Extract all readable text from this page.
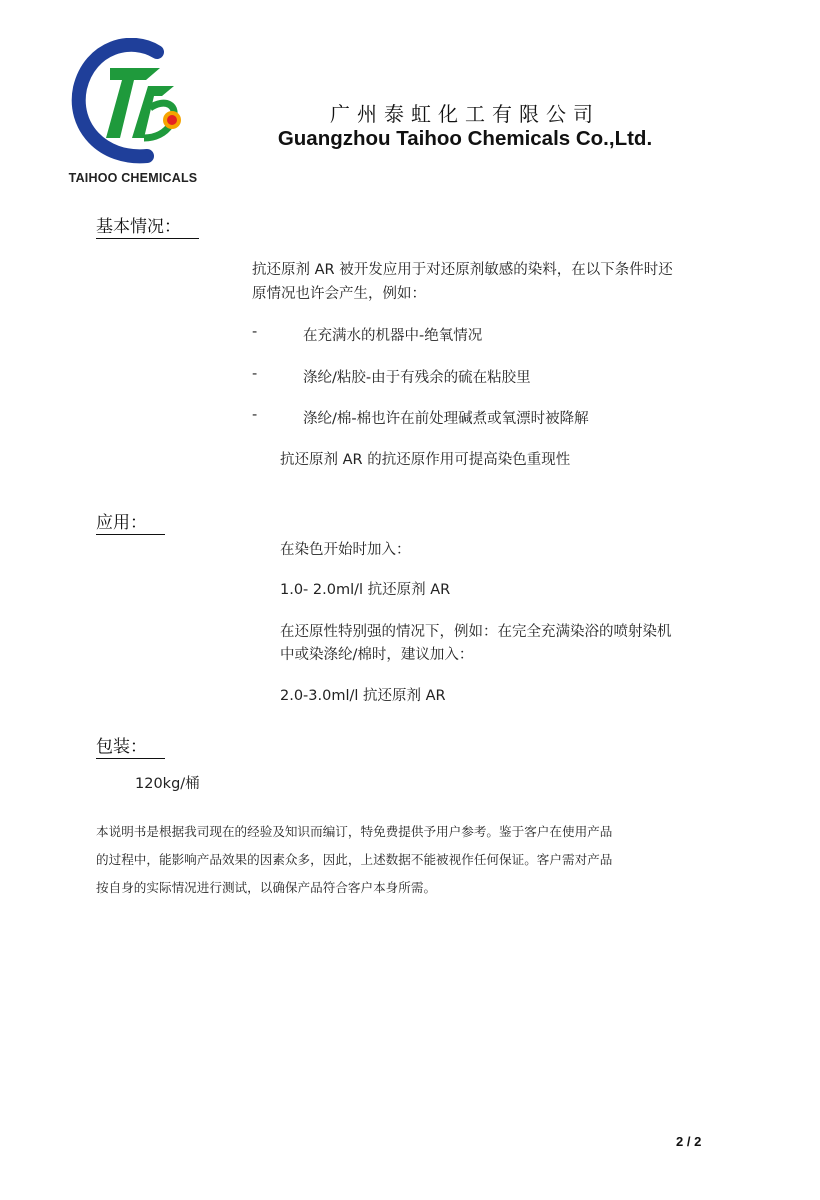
TAIHOO CHEMICALS
广州泰虹化工有限公司
Guangzhou Taihoo Chemicals Co.,Ltd.
基本情况：
抗还原剂 AR 被开发应用于对还原剂敏感的染料，在以下条件时还
原情况也许会产生，例如：
-	在充满水的机器中-绝氧情况
-	涤纶/粘胶-由于有残余的硫在粘胶里
-	涤纶/棉-棉也许在前处理碱煮或氧漂时被降解
抗还原剂 AR 的抗还原作用可提高染色重现性
应用：
在染色开始时加入：
1.0- 2.0ml/l 抗还原剂 AR
在还原性特别强的情况下，例如：在完全充满染浴的喷射染机
中或染涤纶/棉时，建议加入：
2.0-3.0ml/l 抗还原剂 AR
包装：
120kg/桶
本说明书是根据我司现在的经验及知识而编订，特免费提供予用户参考。鉴于客户在使用产品
的过程中，能影响产品效果的因素众多，因此，上述数据不能被视作任何保证。客户需对产品
按自身的实际情况进行测试，以确保产品符合客户本身所需。
2 / 2
